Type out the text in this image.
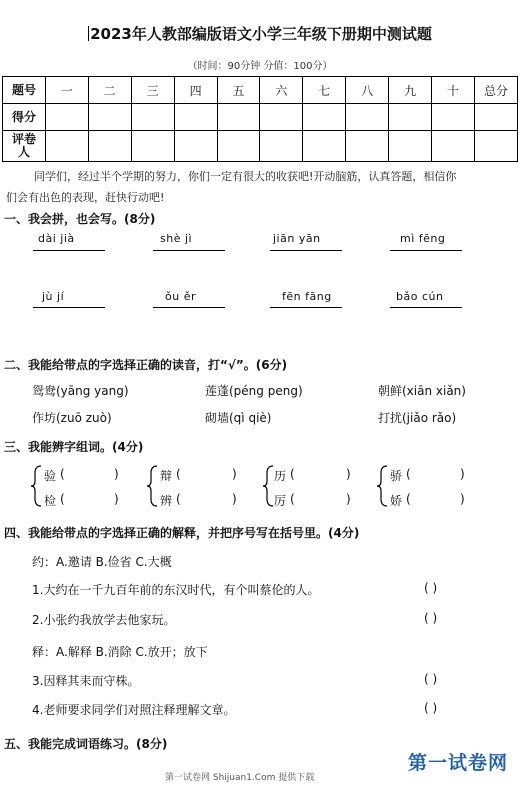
2023年人教部编版语文小学三年级下册期中测试题
（时间：90分钟 分值：100分）
题号	一	二	三	四	五	六	七	八	九	十	总分
得分											
评卷人											
同学们，经过半个学期的努力，你们一定有很大的收获吧!开动脑筋，认真答题，相信你
们会有出色的表现，赶快行动吧!
一、我会拼，也会写。(8分)
dài jià	shè jì	jiān yān	mì fēng
jù jí	ǒu ěr	fēn fāng	bǎo cún
二、我能给带点的字选择正确的读音，打“√”。(6分)
鸳鸯(yāng yang)	莲蓬(péng peng)	朝鲜(xiān xiǎn)
作坊(zuō zuò)	砌墙(qì qiè)	打扰(jiǎo rǎo)
三、我能辨字组词。(4分)
验 (	)
检 (	)
辩 (	)
辨 (	)
历 (	)
厉 (	)
骄 (	)
娇 (	)
四、我能给带点的字选择正确的解释，并把序号写在括号里。(4分)
约：A.邀请 B.俭省 C.大概
1.大约在一千九百年前的东汉时代，有个叫蔡伦的人。	( )
2.小张约我放学去他家玩。	( )
释：A.解释 B.消除 C.放开；放下
3.因释其耒而守株。	( )
4.老师要求同学们对照注释理解文章。	( )
五、我能完成词语练习。(8分)
第一试卷网
第一试卷网 Shijuan1.Com 提供下载
